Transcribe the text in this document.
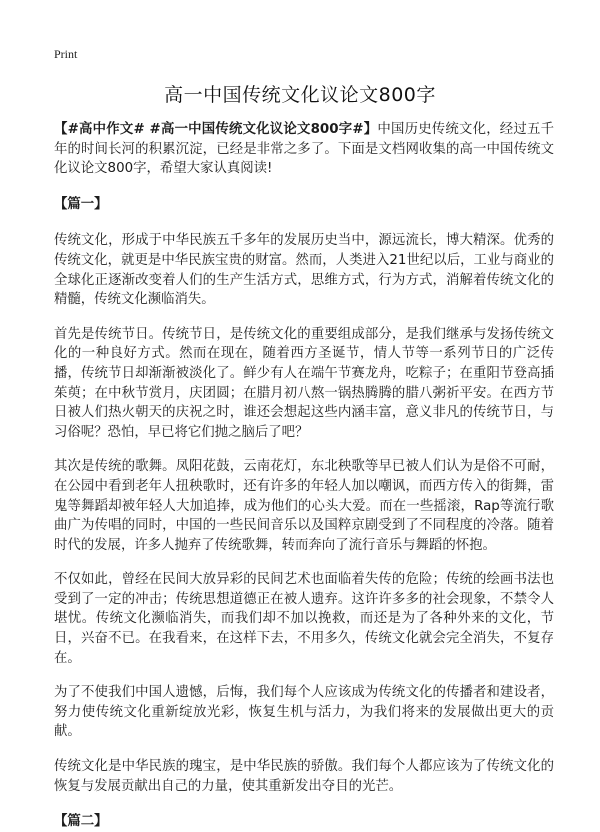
Print
高一中国传统文化议论文800字

【#高中作文# #高一中国传统文化议论文800字#】中国历史传统文化，经过五千年的时间长河的积累沉淀，已经是非常之多了。下面是文档网收集的高一中国传统文化议论文800字，希望大家认真阅读!

【篇一】

传统文化，形成于中华民族五千多年的发展历史当中，源远流长，博大精深。优秀的传统文化，就更是中华民族宝贵的财富。然而，人类进入21世纪以后，工业与商业的全球化正逐渐改变着人们的生产生活方式，思维方式，行为方式，消解着传统文化的精髓，传统文化濒临消失。

首先是传统节日。传统节日，是传统文化的重要组成部分，是我们继承与发扬传统文化的一种良好方式。然而在现在，随着西方圣诞节，情人节等一系列节日的广泛传播，传统节日却渐渐被淡化了。鲜少有人在端午节赛龙舟，吃粽子；在重阳节登高插茱萸；在中秋节赏月，庆团圆；在腊月初八熬一锅热腾腾的腊八粥祈平安。在西方节日被人们热火朝天的庆祝之时，谁还会想起这些内涵丰富，意义非凡的传统节日，与习俗呢？恐怕，早已将它们抛之脑后了吧？

其次是传统的歌舞。凤阳花鼓，云南花灯，东北秧歌等早已被人们认为是俗不可耐，在公园中看到老年人扭秧歌时，还有许多的年轻人加以嘲讽，而西方传入的街舞，雷鬼等舞蹈却被年轻人大加追捧，成为他们的心头大爱。而在一些摇滚，Rap等流行歌曲广为传唱的同时，中国的一些民间音乐以及国粹京剧受到了不同程度的冷落。随着时代的发展，许多人抛弃了传统歌舞，转而奔向了流行音乐与舞蹈的怀抱。

不仅如此，曾经在民间大放异彩的民间艺术也面临着失传的危险；传统的绘画书法也受到了一定的冲击；传统思想道德正在被人遗弃。这许许多多的社会现象，不禁令人堪忧。传统文化濒临消失，而我们却不加以挽救，而还是为了各种外来的文化，节日，兴奋不已。在我看来，在这样下去，不用多久，传统文化就会完全消失，不复存在。

为了不使我们中国人遗憾，后悔，我们每个人应该成为传统文化的传播者和建设者，努力使传统文化重新绽放光彩，恢复生机与活力，为我们将来的发展做出更大的贡献。

传统文化是中华民族的瑰宝，是中华民族的骄傲。我们每个人都应该为了传统文化的恢复与发展贡献出自己的力量，使其重新发出夺目的光芒。

【篇二】
